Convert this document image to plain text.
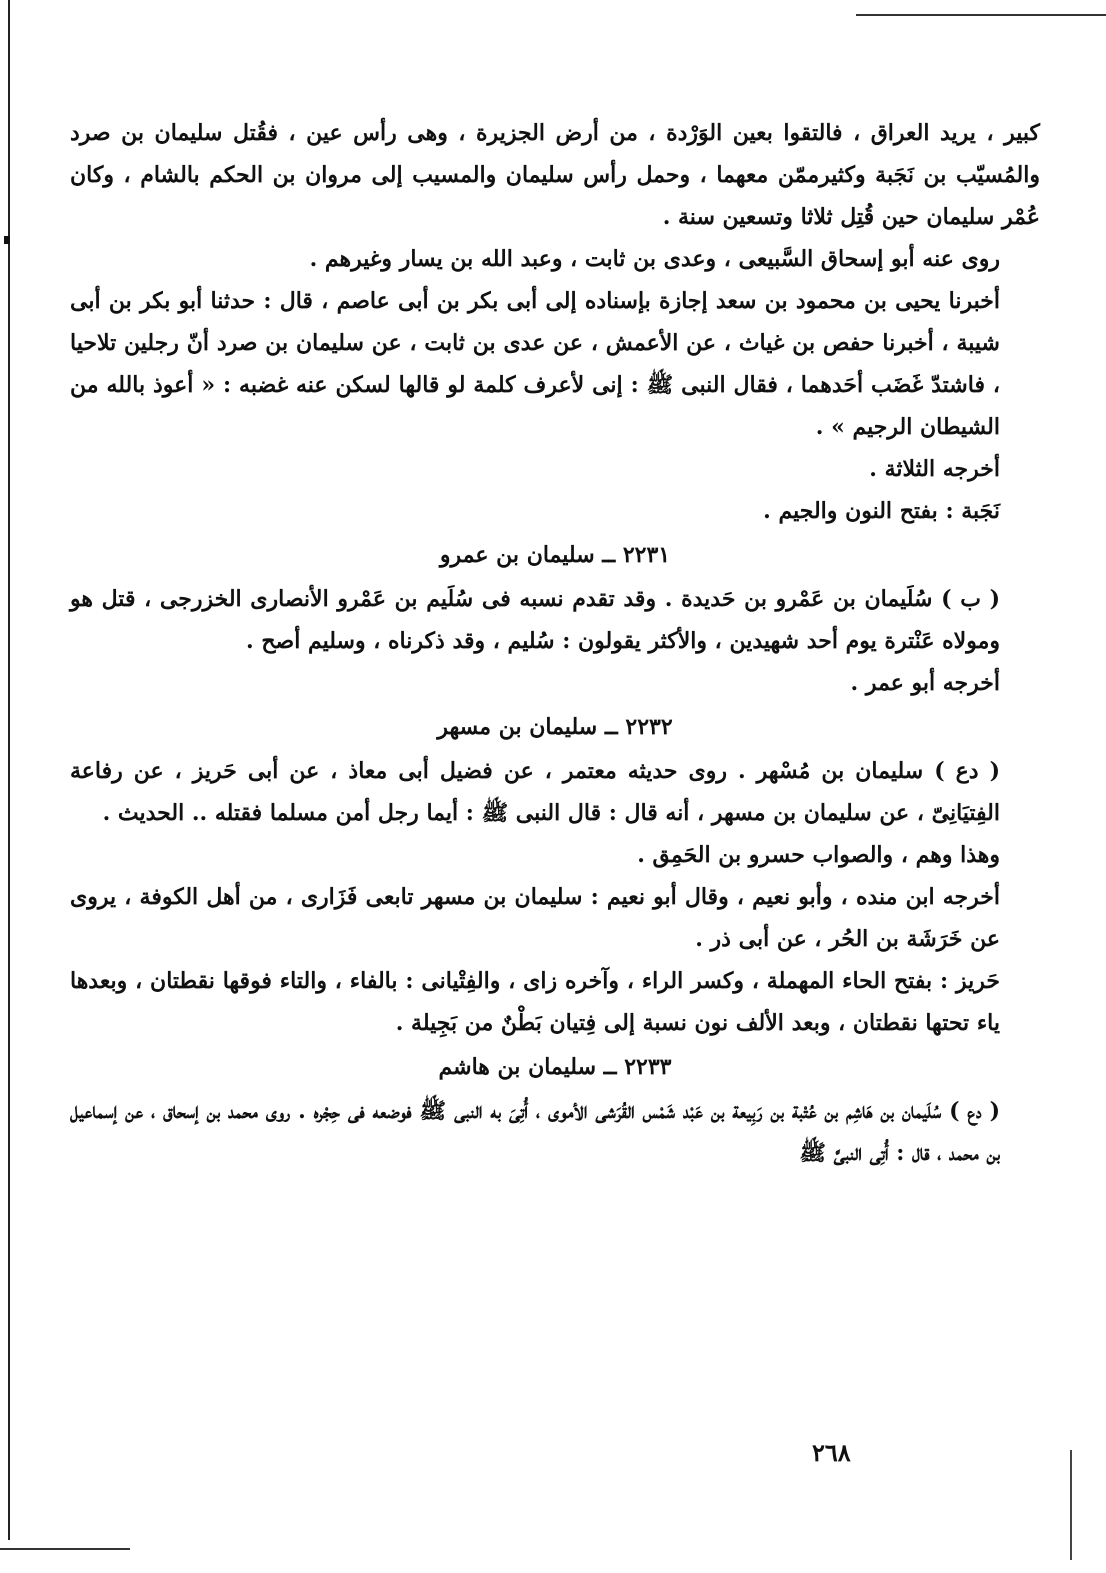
كبير ، يريد العراق ، فالتقوا بعين الوَرْدة ، من أرض الجزيرة ، وهى رأس عين ، فقُتل سليمان بن صرد والمُسيّب بن نَجَبة وكثيرممّن معهما ، وحمل رأس سليمان والمسيب إلى مروان بن الحكم بالشام ، وكان عُمْر سليمان حين قُتِل ثلاثا وتسعين سنة .

روى عنه أبو إسحاق السَّبيعى ، وعدى بن ثابت ، وعبد الله بن يسار وغيرهم .

أخبرنا يحيى بن محمود بن سعد إجازة بإسناده إلى أبى بكر بن أبى عاصم ، قال : حدثنا أبو بكر بن أبى شيبة ، أخبرنا حفص بن غياث ، عن الأعمش ، عن عدى بن ثابت ، عن سليمان بن صرد أنّ رجلين تلاحيا ، فاشتدّ غَضَب أحَدهما ، فقال النبى ﷺ : إنى لأعرف كلمة لو قالها لسكن عنه غضبه : « أعوذ بالله من الشيطان الرجيم » .

أخرجه الثلاثة .

نَجَبة : بفتح النون والجيم .

٢٢٣١ ــ سليمان بن عمرو

( ب ) سُلَيمان بن عَمْرو بن حَديدة . وقد تقدم نسبه فى سُلَيم بن عَمْرو الأنصارى الخزرجى ، قتل هو ومولاه عَنْترة يوم أحد شهيدين ، والأكثر يقولون : سُليم ، وقد ذكرناه ، وسليم أصح .

أخرجه أبو عمر .

٢٢٣٢ ــ سليمان بن مسهر

( دع ) سليمان بن مُسْهر . روى حديثه معتمر ، عن فضيل أبى معاذ ، عن أبى حَريز ، عن رفاعة الفِتيَانِىّ ، عن سليمان بن مسهر ، أنه قال : قال النبى ﷺ : أيما رجل أمن مسلما فقتله .. الحديث .

وهذا وهم ، والصواب حسرو بن الحَمِق .

أخرجه ابن منده ، وأبو نعيم ، وقال أبو نعيم : سليمان بن مسهر تابعى فَزَارى ، من أهل الكوفة ، يروى عن خَرَشَة بن الحُر ، عن أبى ذر .

حَريز : بفتح الحاء المهملة ، وكسر الراء ، وآخره زاى ، والفِتْيانى : بالفاء ، والتاء فوقها نقطتان ، وبعدها ياء تحتها نقطتان ، وبعد الألف نون نسبة إلى فِتيان بَطْنٌ من بَجِيلة .

٢٢٣٣ ــ سليمان بن هاشم

( دع ) سُلَيمان بن هَاشِم بن عُتْبة بن رَبِيعة بن عَبْد شَمْس القُرَشى الأموى ، أُتِىَ به النبى ﷺ فوضعه فى حِجْره . روى محمد بن إسحاق ، عن إسماعيل بن محمد ، قال : أُتِى النبىَّ ﷺ

٢٦٨
